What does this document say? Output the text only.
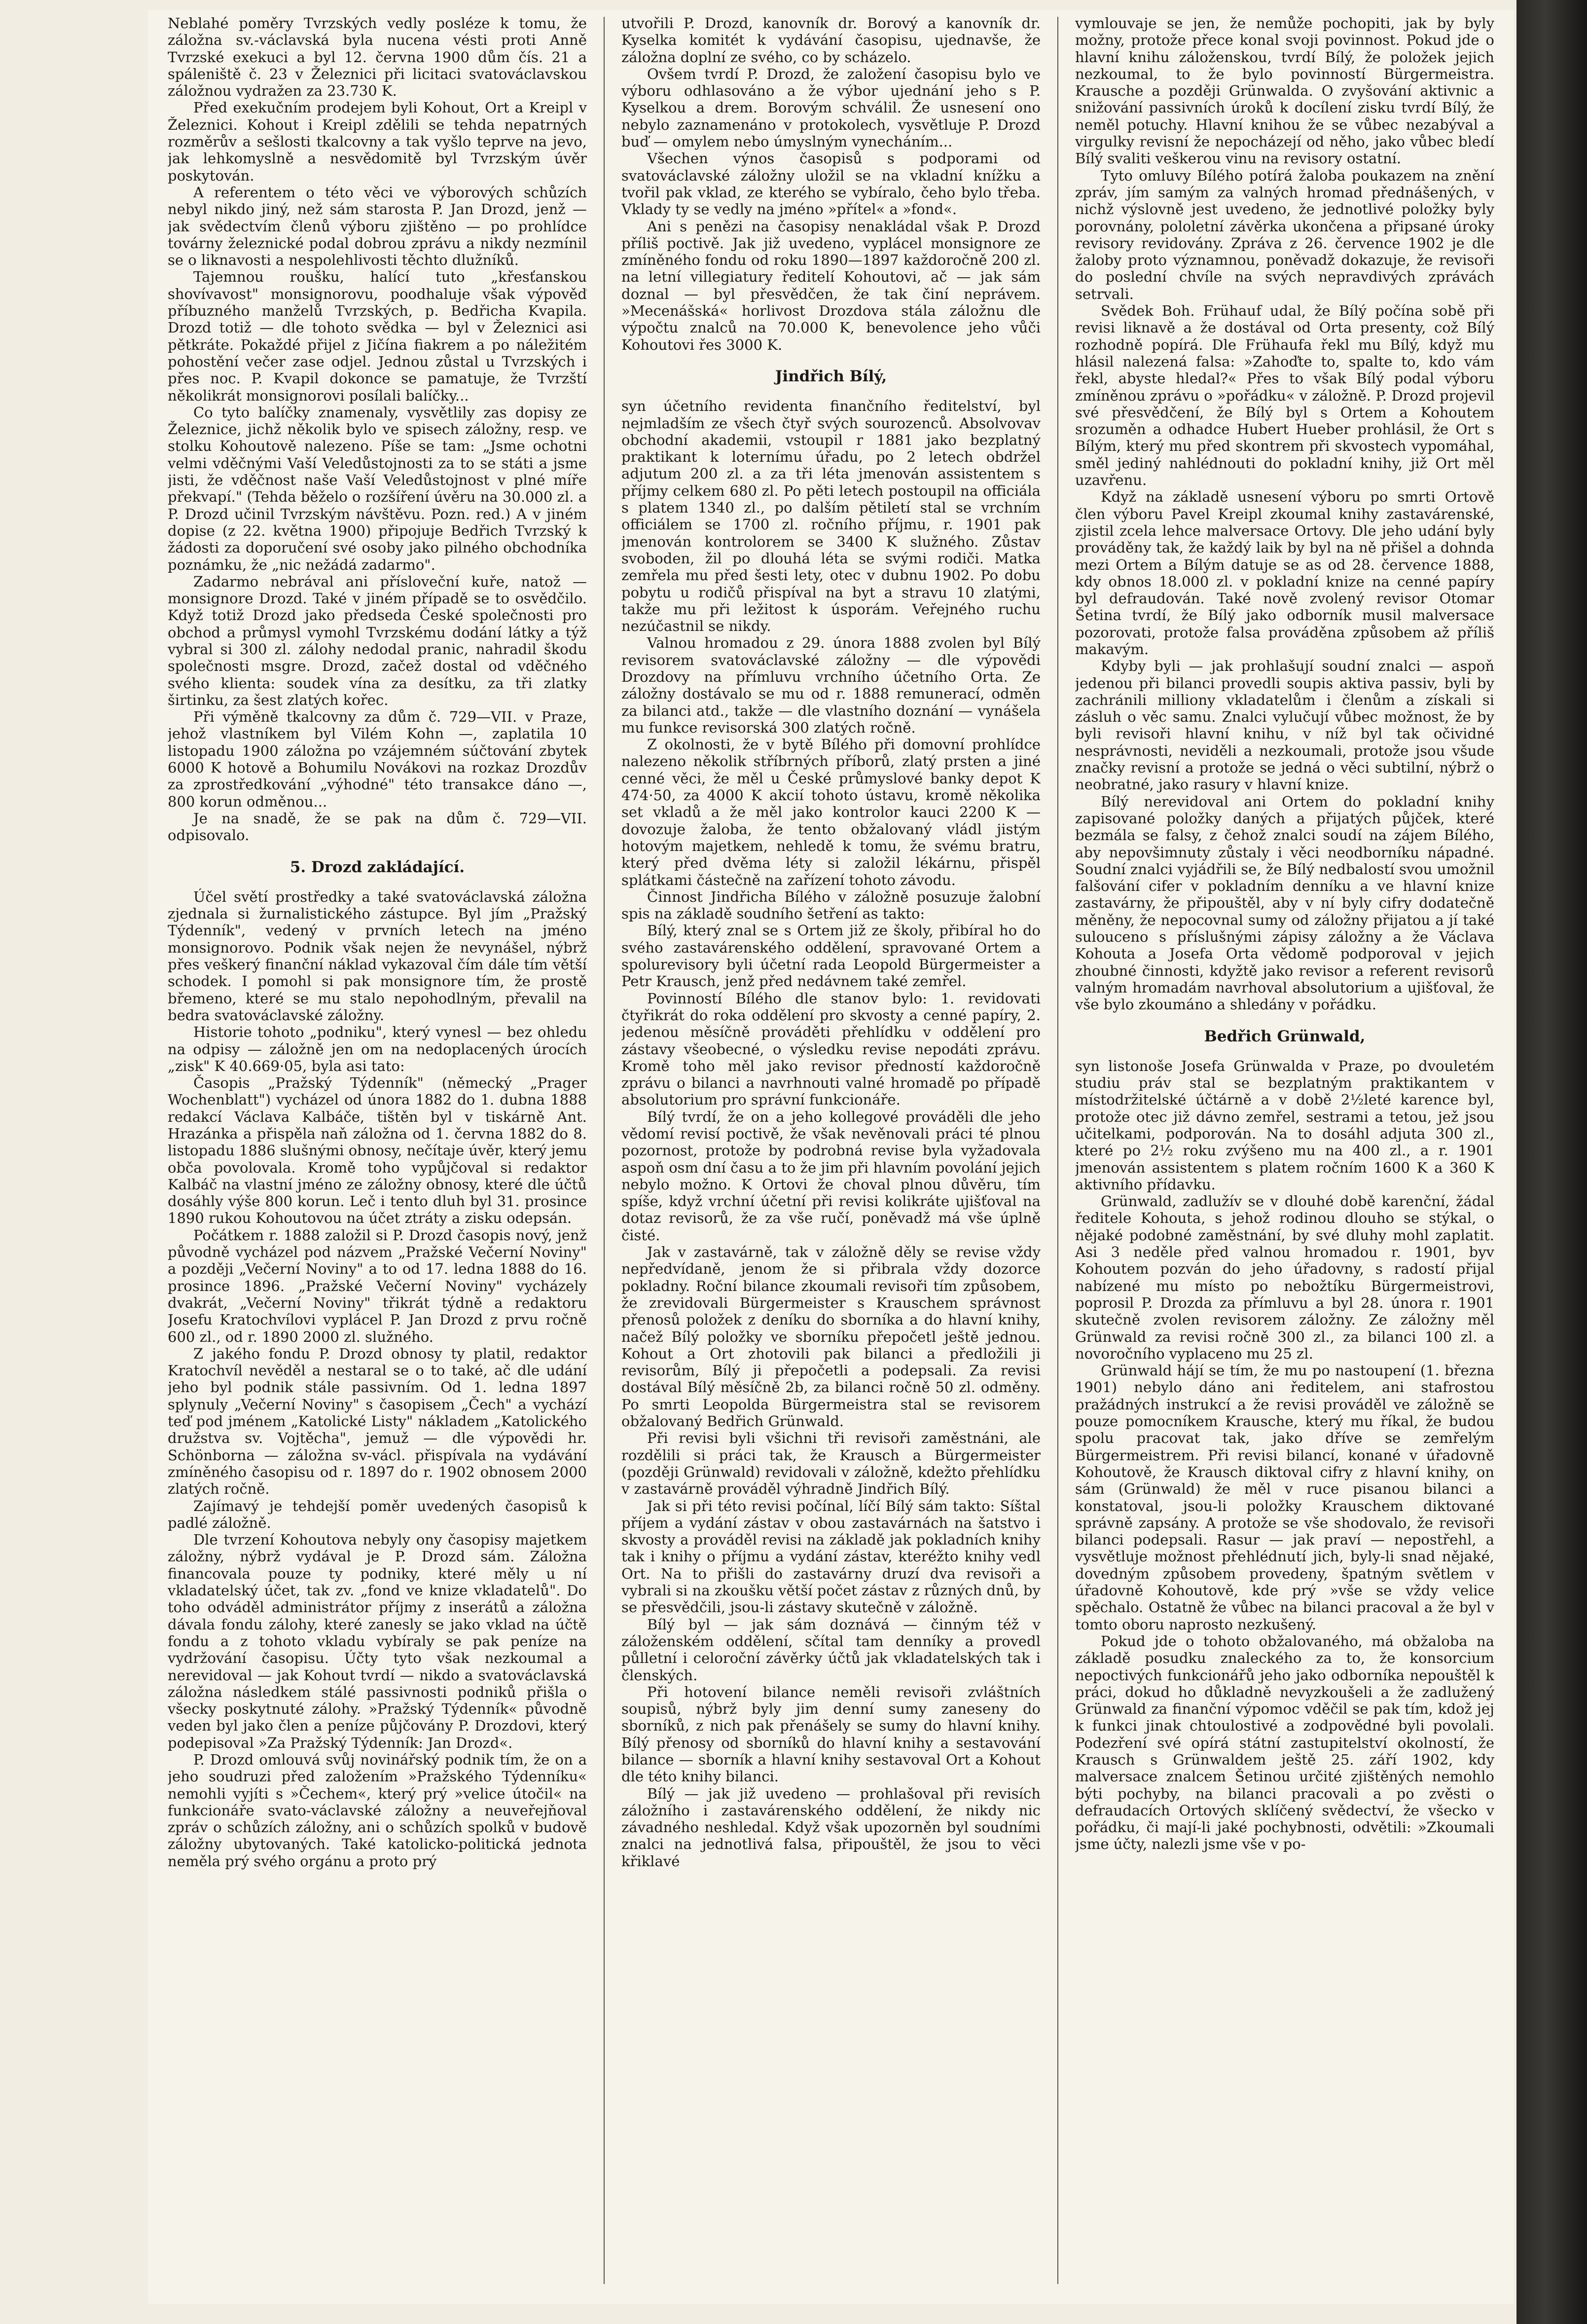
Neblahé poměry Tvrzských vedly posléze k tomu, že záložna sv.-václavská byla nucena vésti proti Anně Tvrzské exekuci a byl 12. června 1900 dům čís. 21 a spáleniště č. 23 v Železnici při licitaci svatováclavskou záložnou vydražen za 23.730 K.

Před exekučním prodejem byli Kohout, Ort a Kreipl v Železnici. Kohout i Kreipl zdělili se tehda nepatrných rozměrův a sešlosti tkalcovny a tak vyšlo teprve na jevo, jak lehkomyslně a nesvědomitě byl Tvrzským úvěr poskytován.

A referentem o této věci ve výborových schůzích nebyl nikdo jiný, než sám starosta P. Jan Drozd, jenž — jak svědectvím členů výboru zjištěno — po prohlídce továrny železnické podal dobrou zprávu a nikdy nezmínil se o liknavosti a nespolehlivosti těchto dlužníků.

Tajemnou roušku, halící tuto „křesťanskou shovívavost" monsignorovu, poodhaluje však výpověď příbuzného manželů Tvrzských, p. Bedřicha Kvapila. Drozd totiž — dle tohoto svědka — byl v Železnici asi pětkráte. Pokaždé přijel z Jičína fiakrem a po náležitém pohostění večer zase odjel. Jednou zůstal u Tvrzských i přes noc. P. Kvapil dokonce se pamatuje, že Tvrzští několikrát monsignorovi posílali balíčky...

Co tyto balíčky znamenaly, vysvětlily zas dopisy ze Železnice, jichž několik bylo ve spisech záložny, resp. ve stolku Kohoutově nalezeno. Píše se tam: „Jsme ochotni velmi vděčnými Vaší Veledůstojnosti za to se státi a jsme jisti, že vděčnost naše Vaší Veledůstojnost v plné míře překvapí." (Tehda běželo o rozšíření úvěru na 30.000 zl. a P. Drozd učinil Tvrzským návštěvu. Pozn. red.) A v jiném dopise (z 22. května 1900) připojuje Bedřich Tvrzský k žádosti za doporučení své osoby jako pilného obchodníka poznámku, že „nic nežádá zadarmo".

Zadarmo nebrával ani přísloveční kuře, natož — monsignore Drozd. Také v jiném případě se to osvědčilo. Když totiž Drozd jako předseda České společnosti pro obchod a průmysl vymohl Tvrzskému dodání látky a týž vybral si 300 zl. zálohy nedodal pranic, nahradil škodu společnosti msgre. Drozd, začež dostal od vděčného svého klienta: soudek vína za desítku, za tři zlatky širtinku, za šest zlatých kořec.

Při výměně tkalcovny za dům č. 729—VII. v Praze, jehož vlastníkem byl Vilém Kohn —, zaplatila 10 listopadu 1900 záložna po vzájemném súčtování zbytek 6000 K hotově a Bohumilu Novákovi na rozkaz Drozdův za zprostředkování „výhodné" této transakce dáno —, 800 korun odměnou...

Je na snadě, že se pak na dům č. 729—VII. odpisovalo.

5. Drozd zakládající.

Účel světí prostředky a také svatováclavská záložna zjednala si žurnalistického zástupce. Byl jím „Pražský Týdenník", vedený v prvních letech na jméno monsignorovo. Podnik však nejen že nevynášel, nýbrž přes veškerý finanční náklad vykazoval čím dále tím větší schodek. I pomohl si pak monsignore tím, že prostě břemeno, které se mu stalo nepohodlným, převalil na bedra svatováclavské záložny.

Historie tohoto „podniku", který vynesl — bez ohledu na odpisy — záložně jen om na nedoplacených úrocích „zisk" K 40.669·05, byla asi tato:

Časopis „Pražský Týdenník" (německý „Prager Wochenblatt") vycházel od února 1882 do 1. dubna 1888 redakcí Václava Kalbáče, tištěn byl v tiskárně Ant. Hrazánka a přispěla naň záložna od 1. června 1882 do 8. listopadu 1886 slušnými obnosy, nečítaje úvěr, který jemu obča povolovala. Kromě toho vypůjčoval si redaktor Kalbáč na vlastní jméno ze záložny obnosy, které dle účtů dosáhly výše 800 korun. Leč i tento dluh byl 31. prosince 1890 rukou Kohoutovou na účet ztráty a zisku odepsán.

Počátkem r. 1888 založil si P. Drozd časopis nový, jenž původně vycházel pod názvem „Pražské Večerní Noviny" a později „Večerní Noviny" a to od 17. ledna 1888 do 16. prosince 1896. „Pražské Večerní Noviny" vycházely dvakrát, „Večerní Noviny" třikrát týdně a redaktoru Josefu Kratochvílovi vyplácel P. Jan Drozd z prvu ročně 600 zl., od r. 1890 2000 zl. služného.

Z jakého fondu P. Drozd obnosy ty platil, redaktor Kratochvíl nevěděl a nestaral se o to také, ač dle udání jeho byl podnik stále passivním. Od 1. ledna 1897 splynuly „Večerní Noviny" s časopisem „Čech" a vychází teď pod jménem „Katolické Listy" nákladem „Katolického družstva sv. Vojtěcha", jemuž — dle výpovědi hr. Schönborna — záložna sv-václ. přispívala na vydávání zmíněného časopisu od r. 1897 do r. 1902 obnosem 2000 zlatých ročně.

Zajímavý je tehdejší poměr uvedených časopisů k padlé záložně.

Dle tvrzení Kohoutova nebyly ony časopisy majetkem záložny, nýbrž vydával je P. Drozd sám. Záložna financovala pouze ty podniky, které měly u ní vkladatelský účet, tak zv. „fond ve knize vkladatelů". Do toho odváděl administrátor příjmy z inserátů a záložna dávala fondu zálohy, které zanesly se jako vklad na účtě fondu a z tohoto vkladu vybíraly se pak peníze na vydržování časopisu. Účty tyto však nezkoumal a nerevidoval — jak Kohout tvrdí — nikdo a svatováclavská záložna následkem stálé passivnosti podniků přišla o všecky poskytnuté zálohy. »Pražský Týdenník« původně veden byl jako člen a peníze půjčovány P. Drozdovi, který podepisoval »Za Pražský Týdenník: Jan Drozd«.

P. Drozd omlouvá svůj novinářský podnik tím, že on a jeho soudruzi před založením »Pražského Týdenníku« nemohli vyjíti s »Čechem«, který prý »velice útočil« na funkcionáře svato-václavské záložny a neuveřejňoval zpráv o schůzích záložny, ani o schůzích spolků v budově záložny ubytovaných. Také katolicko-politická jednota neměla prý svého orgánu a proto prý

utvořili P. Drozd, kanovník dr. Borový a kanovník dr. Kyselka komitét k vydávání časopisu, ujednavše, že záložna doplní ze svého, co by scházelo.

Ovšem tvrdí P. Drozd, že založení časopisu bylo ve výboru odhlasováno a že výbor ujednání jeho s P. Kyselkou a drem. Borovým schválil. Že usnesení ono nebylo zaznamenáno v protokolech, vysvětluje P. Drozd buď — omylem nebo úmyslným vynecháním...

Všechen výnos časopisů s podporami od svatováclavské záložny uložil se na vkladní knížku a tvořil pak vklad, ze kterého se vybíralo, čeho bylo třeba. Vklady ty se vedly na jméno »přítel« a »fond«.

Ani s penězi na časopisy nenakládal však P. Drozd příliš poctivě. Jak již uvedeno, vyplácel monsignore ze zmíněného fondu od roku 1890—1897 každoročně 200 zl. na letní villegiatury ředitelí Kohoutovi, ač — jak sám doznal — byl přesvědčen, že tak činí neprávem. »Mecenášská« horlivost Drozdova stála záložnu dle výpočtu znalců na 70.000 K, benevolence jeho vůči Kohoutovi řes 3000 K.

Jindřich Bílý,

syn účetního revidenta finančního ředitelství, byl nejmladším ze všech čtyř svých sourozenců. Absolvovav obchodní akademii, vstoupil r 1881 jako bezplatný praktikant k loternímu úřadu, po 2 letech obdržel adjutum 200 zl. a za tři léta jmenován assistentem s příjmy celkem 680 zl. Po pěti letech postoupil na officiála s platem 1340 zl., po dalším pětiletí stal se vrchním officiálem se 1700 zl. ročního příjmu, r. 1901 pak jmenován kontrolorem se 3400 K služného. Zůstav svoboden, žil po dlouhá léta se svými rodiči. Matka zemřela mu před šesti lety, otec v dubnu 1902. Po dobu pobytu u rodičů přispíval na byt a stravu 10 zlatými, takže mu při ležitost k úsporám. Veřejného ruchu nezúčastnil se nikdy.

Valnou hromadou z 29. února 1888 zvolen byl Bílý revisorem svatováclavské záložny — dle výpovědi Drozdovy na přímluvu vrchního účetního Orta. Ze záložny dostávalo se mu od r. 1888 remunerací, odměn za bilanci atd., takže — dle vlastního doznání — vynášela mu funkce revisorská 300 zlatých ročně.

Z okolnosti, že v bytě Bílého při domovní prohlídce nalezeno několik stříbrných příborů, zlatý prsten a jiné cenné věci, že měl u České průmyslové banky depot K 474·50, za 4000 K akcií tohoto ústavu, kromě několika set vkladů a že měl jako kontrolor kauci 2200 K — dovozuje žaloba, že tento obžalovaný vládl jistým hotovým majetkem, nehledě k tomu, že svému bratru, který před dvěma léty si založil lékárnu, přispěl splátkami částečně na zařízení tohoto závodu.

Činnost Jindřicha Bílého v záložně posuzuje žalobní spis na základě soudního šetření as takto:

Bílý, který znal se s Ortem již ze školy, přibíral ho do svého zastavárenského oddělení, spravované Ortem a spolurevisory byli účetní rada Leopold Bürgermeister a Petr Krausch, jenž před nedávnem také zemřel.

Povinností Bílého dle stanov bylo: 1. revidovati čtyřikrát do roka oddělení pro skvosty a cenné papíry, 2. jedenou měsíčně prováděti přehlídku v oddělení pro zástavy všeobecné, o výsledku revise nepodáti zprávu. Kromě toho měl jako revisor předností každoročně zprávu o bilanci a navrhnouti valné hromadě po případě absolutorium pro správní funkcionáře.

Bílý tvrdí, že on a jeho kollegové prováděli dle jeho vědomí revisí poctivě, že však nevěnovali práci té plnou pozornost, protože by podrobná revise byla vyžadovala aspoň osm dní času a to že jim při hlavním povolání jejich nebylo možno. K Ortovi že choval plnou důvěru, tím spíše, když vrchní účetní při revisi kolikráte ujišťoval na dotaz revisorů, že za vše ručí, poněvadž má vše úplně čisté.

Jak v zastavárně, tak v záložně děly se revise vždy nepředvídaně, jenom že si přibrala vždy dozorce pokladny. Roční bilance zkoumali revisoři tím způsobem, že zrevidovali Bürgermeister s Krauschem správnost přenosů položek z deníku do sborníka a do hlavní knihy, načež Bílý položky ve sborníku přepočetl ještě jednou. Kohout a Ort zhotovili pak bilanci a předložili ji revisorům, Bílý ji přepočetli a podepsali. Za revisi dostával Bílý měsíčně 2b, za bilanci ročně 50 zl. odměny. Po smrti Leopolda Bürgermeistra stal se revisorem obžalovaný Bedřich Grünwald.

Při revisi byli všichni tři revisoři zaměstnáni, ale rozdělili si práci tak, že Krausch a Bürgermeister (později Grünwald) revidovali v záložně, kdežto přehlídku v zastavárně prováděl výhradně Jindřich Bílý.

Jak si při této revisi počínal, líčí Bílý sám takto: Síštal příjem a vydání zástav v obou zastavárnách na šatstvo i skvosty a prováděl revisi na základě jak pokladních knihy tak i knihy o příjmu a vydání zástav, kteréžto knihy vedl Ort. Na to přišli do zastavárny druzí dva revisoři a vybrali si na zkoušku větší počet zástav z různých dnů, by se přesvědčili, jsou-li zástavy skutečně v záložně.

Bílý byl — jak sám doznává — činným též v záloženském oddělení, sčítal tam denníky a provedl půlletní i celoroční závěrky účtů jak vkladatelských tak i členských.

Při hotovení bilance neměli revisoři zvláštních soupisů, nýbrž byly jim denní sumy zaneseny do sborníků, z nich pak přenášely se sumy do hlavní knihy. Bílý přenosy od sborníků do hlavní knihy a sestavování bilance — sborník a hlavní knihy sestavoval Ort a Kohout dle této knihy bilanci.

Bílý — jak již uvedeno — prohlašoval při revisích záložního i zastavárenského oddělení, že nikdy nic závadného neshledal. Když však upozorněn byl soudními znalci na jednotlivá falsa, připouštěl, že jsou to věci křiklavé

vymlouvaje se jen, že nemůže pochopiti, jak by byly možny, protože přece konal svoji povinnost. Pokud jde o hlavní knihu záloženskou, tvrdí Bílý, že položek jejich nezkoumal, to že bylo povinností Bürgermeistra. Krausche a později Grünwalda. O zvyšování aktivnic a snižování passivních úroků k docílení zisku tvrdí Bílý, že neměl potuchy. Hlavní knihou že se vůbec nezabýval a virgulky revisní že nepocházejí od něho, jako vůbec bledí Bílý svaliti veškerou vinu na revisory ostatní.

Tyto omluvy Bílého potírá žaloba poukazem na znění zpráv, jím samým za valných hromad přednášených, v nichž výslovně jest uvedeno, že jednotlivé položky byly porovnány, pololetní závěrka ukončena a připsané úroky revisory revidovány. Zpráva z 26. července 1902 je dle žaloby proto významnou, poněvadž dokazuje, že revisoři do poslední chvíle na svých nepravdivých zprávách setrvali.

Svědek Boh. Frühauf udal, že Bílý počína sobě při revisi liknavě a že dostával od Orta presenty, což Bílý rozhodně popírá. Dle Frühaufa řekl mu Bílý, když mu hlásil nalezená falsa: »Zahoďte to, spalte to, kdo vám řekl, abyste hledal?« Přes to však Bílý podal výboru zmíněnou zprávu o »pořádku« v záložně. P. Drozd projevil své přesvědčení, že Bílý byl s Ortem a Kohoutem srozuměn a odhadce Hubert Hueber prohlásil, že Ort s Bílým, který mu před skontrem při skvostech vypomáhal, směl jediný nahlédnouti do pokladní knihy, již Ort měl uzavřenu.

Když na základě usnesení výboru po smrti Ortově člen výboru Pavel Kreipl zkoumal knihy zastavárenské, zjistil zcela lehce malversace Ortovy. Dle jeho udání byly prováděny tak, že každý laik by byl na ně přišel a dohnda mezi Ortem a Bílým datuje se as od 28. července 1888, kdy obnos 18.000 zl. v pokladní knize na cenné papíry byl defraudován. Také nově zvolený revisor Otomar Šetina tvrdí, že Bílý jako odborník musil malversace pozorovati, protože falsa prováděna způsobem až příliš makavým.

Kdyby byli — jak prohlašují soudní znalci — aspoň jedenou při bilanci provedli soupis aktiva passiv, byli by zachránili milliony vkladatelům i členům a získali si zásluh o věc samu. Znalci vylučují vůbec možnost, že by byli revisoři hlavní knihu, v níž byl tak očividné nesprávnosti, neviděli a nezkoumali, protože jsou všude značky revisní a protože se jedná o věci subtilní, nýbrž o neobratné, jako rasury v hlavní knize.

Bílý nerevidoval ani Ortem do pokladní knihy zapisované položky daných a přijatých půjček, které bezmála se falsy, z čehož znalci soudí na zájem Bílého, aby nepovšimnuty zůstaly i věci neodborníku nápadné. Soudní znalci vyjádřili se, že Bílý nedbalostí svou umožnil falšování cifer v pokladním denníku a ve hlavní knize zastavárny, že připouštěl, aby v ní byly cifry dodatečně měněny, že nepocovnal sumy od záložny přijatou a jí také sulouceno s příslušnými zápisy záložny a že Václava Kohouta a Josefa Orta vědomě podporoval v jejich zhoubné činnosti, kdyžtě jako revisor a referent revisorů valným hromadám navrhoval absolutorium a ujišťoval, že vše bylo zkoumáno a shledány v pořádku.

Bedřich Grünwald,

syn listonoše Josefa Grünwalda v Praze, po dvouletém studiu práv stal se bezplatným praktikantem v místodržitelské účtárně a v době 2½leté karence byl, protože otec již dávno zemřel, sestrami a tetou, jež jsou učitelkami, podporován. Na to dosáhl adjuta 300 zl., které po 2½ roku zvýšeno mu na 400 zl., a r. 1901 jmenován assistentem s platem ročním 1600 K a 360 K aktivního přídavku.

Grünwald, zadlužív se v dlouhé době karenční, žádal ředitele Kohouta, s jehož rodinou dlouho se stýkal, o nějaké podobné zaměstnání, by své dluhy mohl zaplatit. Asi 3 neděle před valnou hromadou r. 1901, byv Kohoutem pozván do jeho úřadovny, s radostí přijal nabízené mu místo po nebožtíku Bürgermeistrovi, poprosil P. Drozda za přímluvu a byl 28. února r. 1901 skutečně zvolen revisorem záložny. Ze záložny měl Grünwald za revisi ročně 300 zl., za bilanci 100 zl. a novoročního vyplaceno mu 25 zl.

Grünwald hájí se tím, že mu po nastoupení (1. března 1901) nebylo dáno ani ředitelem, ani stafrostou pražádných instrukcí a že revisi prováděl ve záložně se pouze pomocníkem Krausche, který mu říkal, že budou spolu pracovat tak, jako dříve se zemřelým Bürgermeistrem. Při revisi bilancí, konané v úřadovně Kohoutově, že Krausch diktoval cifry z hlavní knihy, on sám (Grünwald) že měl v ruce pisanou bilanci a konstatoval, jsou-li položky Krauschem diktované správně zapsány. A protože se vše shodovalo, že revisoři bilanci podepsali. Rasur — jak praví — nepostřehl, a vysvětluje možnost přehlédnutí jich, byly-li snad nějaké, dovedným způsobem provedeny, špatným světlem v úřadovně Kohoutově, kde prý »vše se vždy velice spěchalo. Ostatně že vůbec na bilanci pracoval a že byl v tomto oboru naprosto nezkušený.

Pokud jde o tohoto obžalovaného, má obžaloba na základě posudku znaleckého za to, že konsorcium nepoctivých funkcionářů jeho jako odborníka nepouštěl k práci, dokud ho důkladně nevyzkoušeli a že zadlužený Grünwald za finanční výpomoc vděčil se pak tím, kdož jej k funkci jinak chtoulostivé a zodpovědné byli povolali. Podezření své opírá státní zastupitelství okolností, že Krausch s Grünwaldem ještě 25. září 1902, kdy malversace znalcem Šetinou určité zjištěných nemohlo býti pochyby, na bilanci pracovali a po zvěsti o defraudacích Ortových sklíčený svědectví, že všecko v pořádku, či mají-li jaké pochybnosti, odvětili: »Zkoumali jsme účty, nalezli jsme vše v po-
